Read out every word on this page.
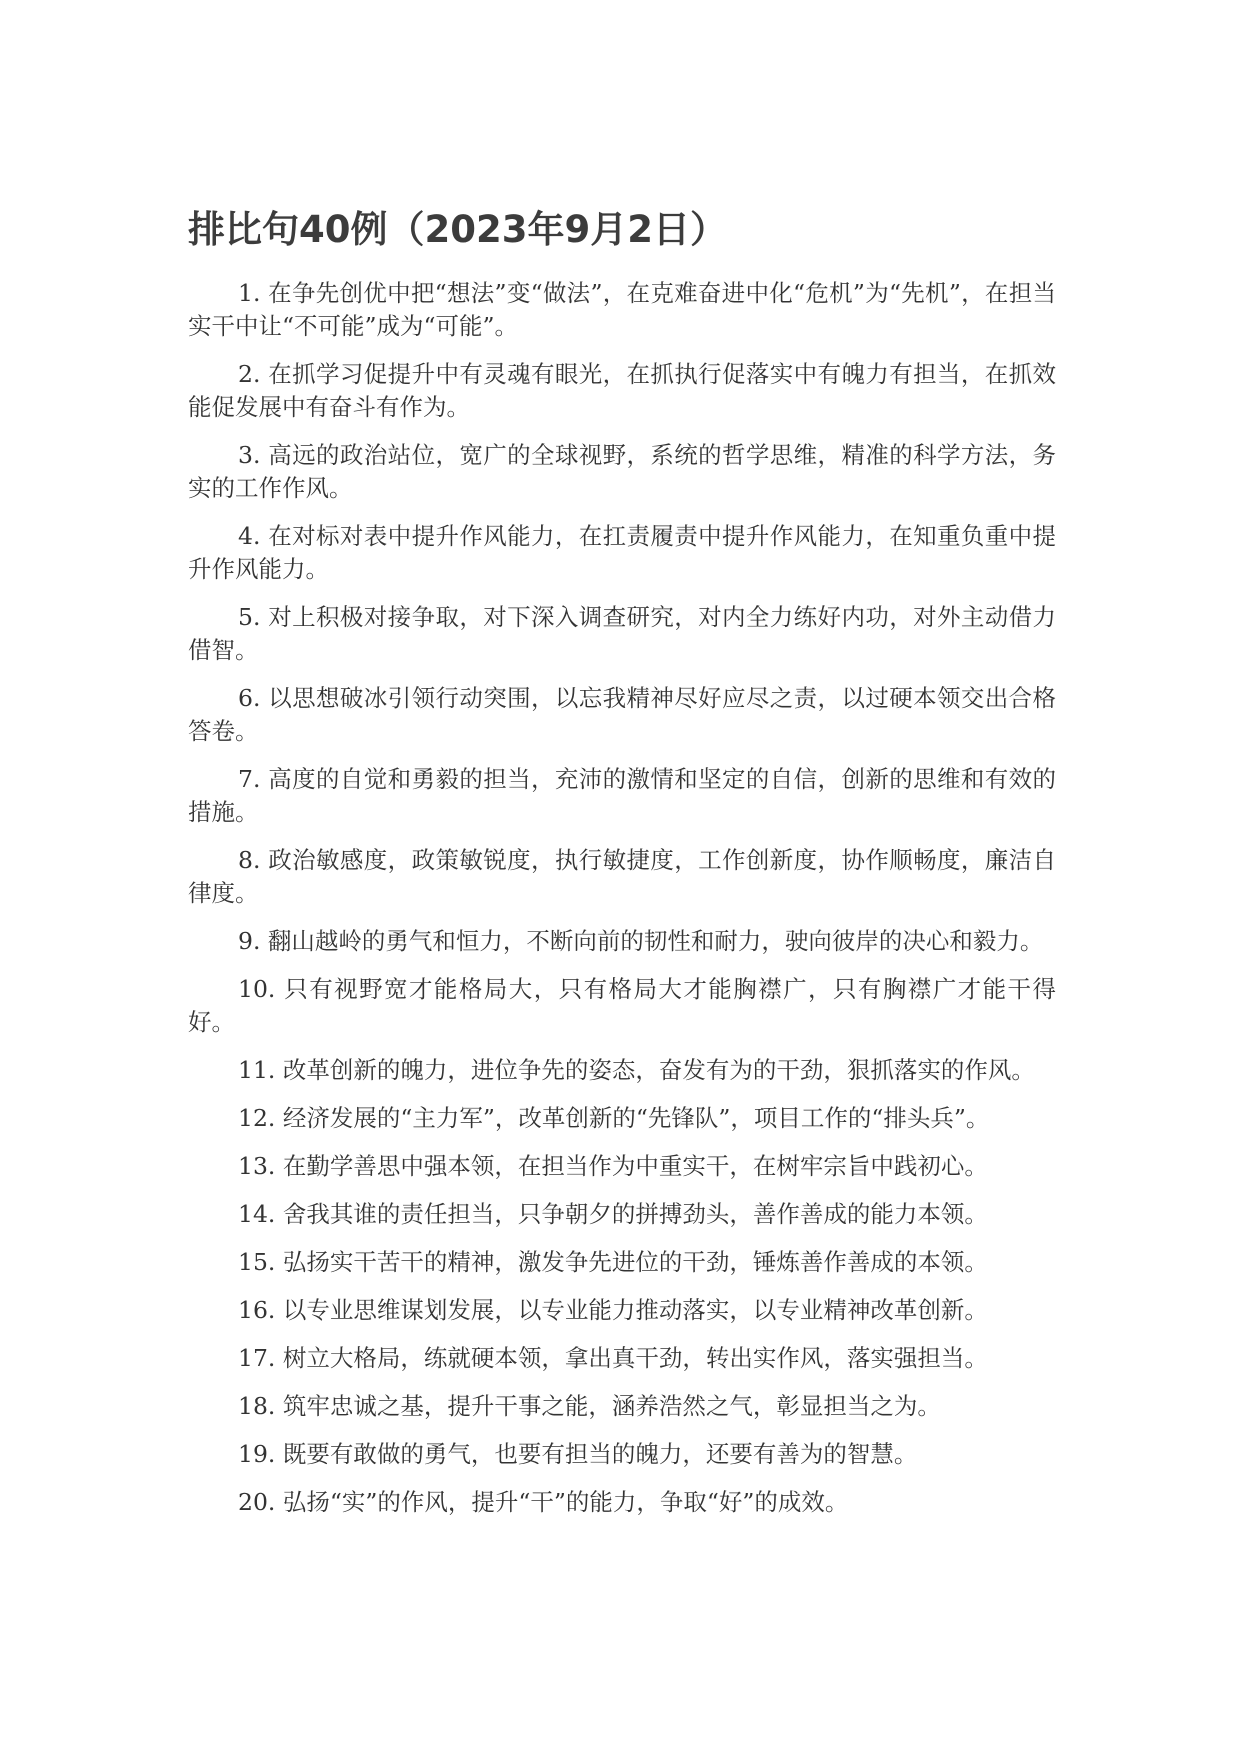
排比句40例（2023年9月2日）

1. 在争先创优中把“想法”变“做法”，在克难奋进中化“危机”为“先机”，在担当实干中让“不可能”成为“可能”。

2. 在抓学习促提升中有灵魂有眼光，在抓执行促落实中有魄力有担当，在抓效能促发展中有奋斗有作为。

3. 高远的政治站位，宽广的全球视野，系统的哲学思维，精准的科学方法，务实的工作作风。

4. 在对标对表中提升作风能力，在扛责履责中提升作风能力，在知重负重中提升作风能力。

5. 对上积极对接争取，对下深入调查研究，对内全力练好内功，对外主动借力借智。

6. 以思想破冰引领行动突围，以忘我精神尽好应尽之责，以过硬本领交出合格答卷。

7. 高度的自觉和勇毅的担当，充沛的激情和坚定的自信，创新的思维和有效的措施。

8. 政治敏感度，政策敏锐度，执行敏捷度，工作创新度，协作顺畅度，廉洁自律度。

9. 翻山越岭的勇气和恒力，不断向前的韧性和耐力，驶向彼岸的决心和毅力。

10. 只有视野宽才能格局大，只有格局大才能胸襟广，只有胸襟广才能干得好。

11. 改革创新的魄力，进位争先的姿态，奋发有为的干劲，狠抓落实的作风。

12. 经济发展的“主力军”，改革创新的“先锋队”，项目工作的“排头兵”。

13. 在勤学善思中强本领，在担当作为中重实干，在树牢宗旨中践初心。

14. 舍我其谁的责任担当，只争朝夕的拼搏劲头，善作善成的能力本领。

15. 弘扬实干苦干的精神，激发争先进位的干劲，锤炼善作善成的本领。

16. 以专业思维谋划发展，以专业能力推动落实，以专业精神改革创新。

17. 树立大格局，练就硬本领，拿出真干劲，转出实作风，落实强担当。

18. 筑牢忠诚之基，提升干事之能，涵养浩然之气，彰显担当之为。

19. 既要有敢做的勇气，也要有担当的魄力，还要有善为的智慧。

20. 弘扬“实”的作风，提升“干”的能力，争取“好”的成效。
